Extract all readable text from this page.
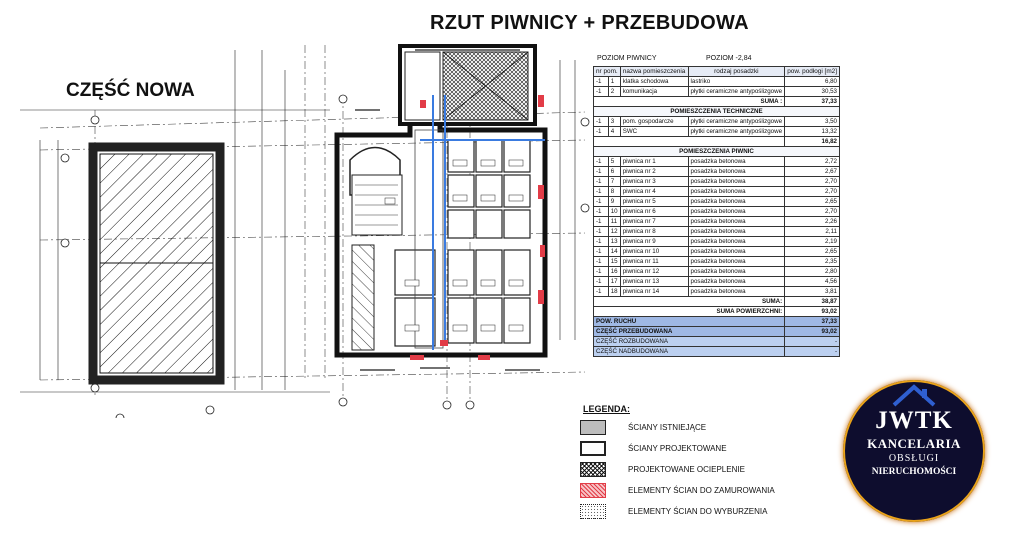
RZUT PIWNICY + PRZEBUDOWA
CZĘŚĆ NOWA
POZIOM PIWNICY	POZIOM -2,84
nr pom.		nazwa pomieszczenia	rodzaj posadzki	pow. podłogi [m2]
-1	1	klatka schodowa	lastriko	6,80
-1	2	komunikacja	płytki ceramiczne antypoślizgowe	30,53
SUMA :				37,33
POMIESZCZENIA TECHNICZNE				
-1	3	pom. gospodarcze	płytki ceramiczne antypoślizgowe	3,50
-1	4	SWC	płytki ceramiczne antypoślizgowe	13,32
				16,82
POMIESZCZENIA PIWNIC				
-1	5	piwnica nr 1	posadzka betonowa	2,72
-1	6	piwnica nr 2	posadzka betonowa	2,67
-1	7	piwnica nr 3	posadzka betonowa	2,70
-1	8	piwnica nr 4	posadzka betonowa	2,70
-1	9	piwnica nr 5	posadzka betonowa	2,65
-1	10	piwnica nr 6	posadzka betonowa	2,70
-1	11	piwnica nr 7	posadzka betonowa	2,26
-1	12	piwnica nr 8	posadzka betonowa	2,11
-1	13	piwnica nr 9	posadzka betonowa	2,19
-1	14	piwnica nr 10	posadzka betonowa	2,65
-1	15	piwnica nr 11	posadzka betonowa	2,35
-1	16	piwnica nr 12	posadzka betonowa	2,80
-1	17	piwnica nr 13	posadzka betonowa	4,56
-1	18	piwnica nr 14	posadzka betonowa	3,81
SUMA:				38,87
SUMA POWIERZCHNI:				93,02
POW. RUCHU				37,33
CZĘŚĆ PRZEBUDOWANA				93,02
CZĘŚĆ ROZBUDOWANA				-
CZĘŚĆ NADBUDOWANA				-
LEGENDA:
ŚCIANY ISTNIEJĄCE
ŚCIANY PROJEKTOWANE
PROJEKTOWANE OCIEPLENIE
ELEMENTY ŚCIAN DO ZAMUROWANIA
ELEMENTY ŚCIAN DO WYBURZENIA
JWTK
KANCELARIA
OBSŁUGI
NIERUCHOMOŚCI
